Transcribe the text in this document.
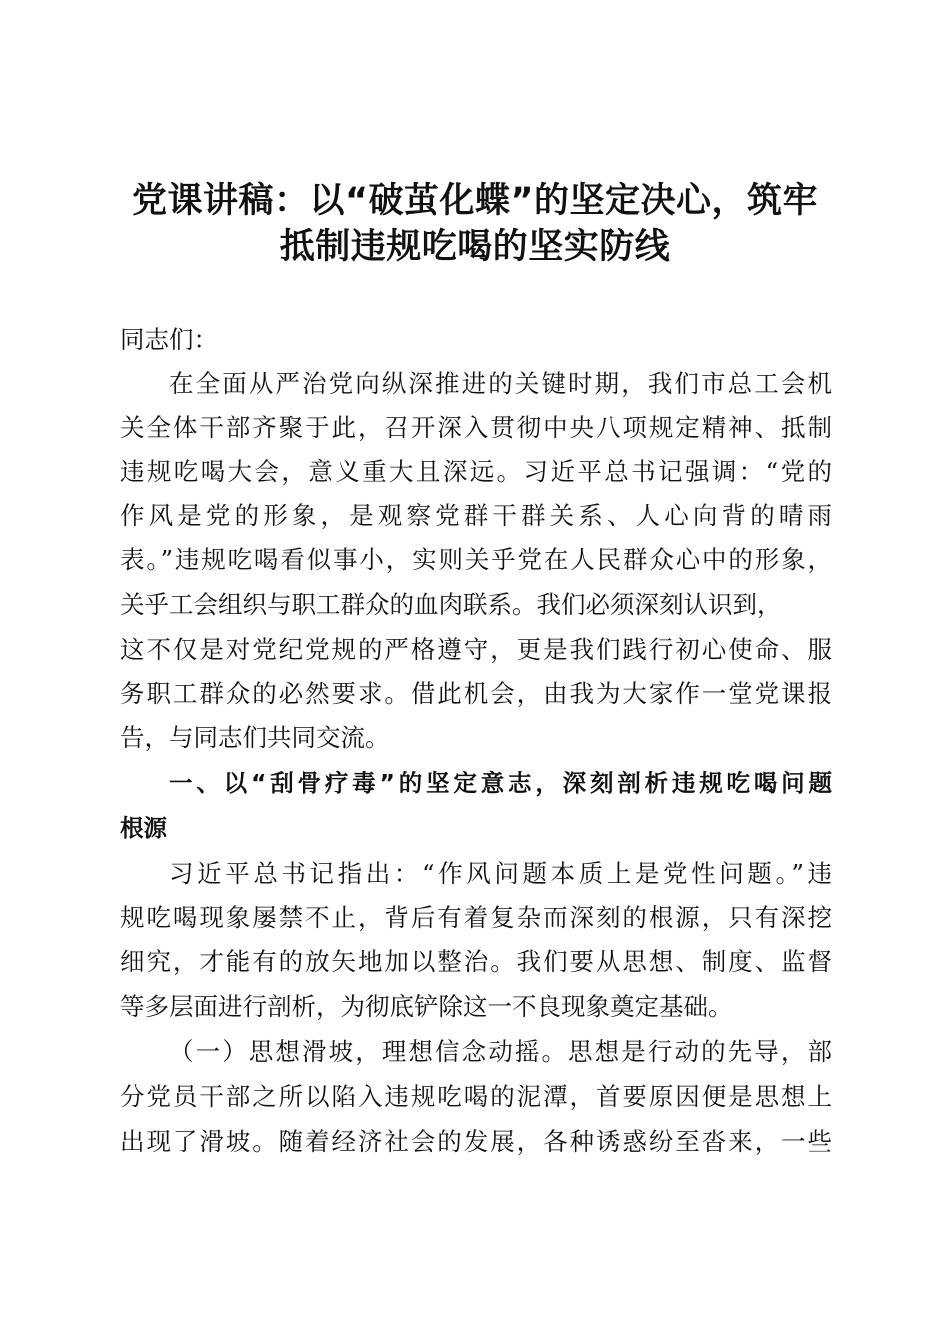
党课讲稿：以“破茧化蝶”的坚定决心，筑牢
抵制违规吃喝的坚实防线

同志们：

在全面从严治党向纵深推进的关键时期，我们市总工会机

关全体干部齐聚于此，召开深入贯彻中央八项规定精神、抵制

违规吃喝大会，意义重大且深远。习近平总书记强调：“党的

作风是党的形象，是观察党群干群关系、人心向背的晴雨

表。”违规吃喝看似事小，实则关乎党在人民群众心中的形象，

关乎工会组织与职工群众的血肉联系。我们必须深刻认识到，

这不仅是对党纪党规的严格遵守，更是我们践行初心使命、服

务职工群众的必然要求。借此机会，由我为大家作一堂党课报

告，与同志们共同交流。

一、以“刮骨疗毒”的坚定意志，深刻剖析违规吃喝问题

根源

习近平总书记指出：“作风问题本质上是党性问题。”违

规吃喝现象屡禁不止，背后有着复杂而深刻的根源，只有深挖

细究，才能有的放矢地加以整治。我们要从思想、制度、监督

等多层面进行剖析，为彻底铲除这一不良现象奠定基础。

（一）思想滑坡，理想信念动摇。思想是行动的先导，部

分党员干部之所以陷入违规吃喝的泥潭，首要原因便是思想上

出现了滑坡。随着经济社会的发展，各种诱惑纷至沓来，一些
